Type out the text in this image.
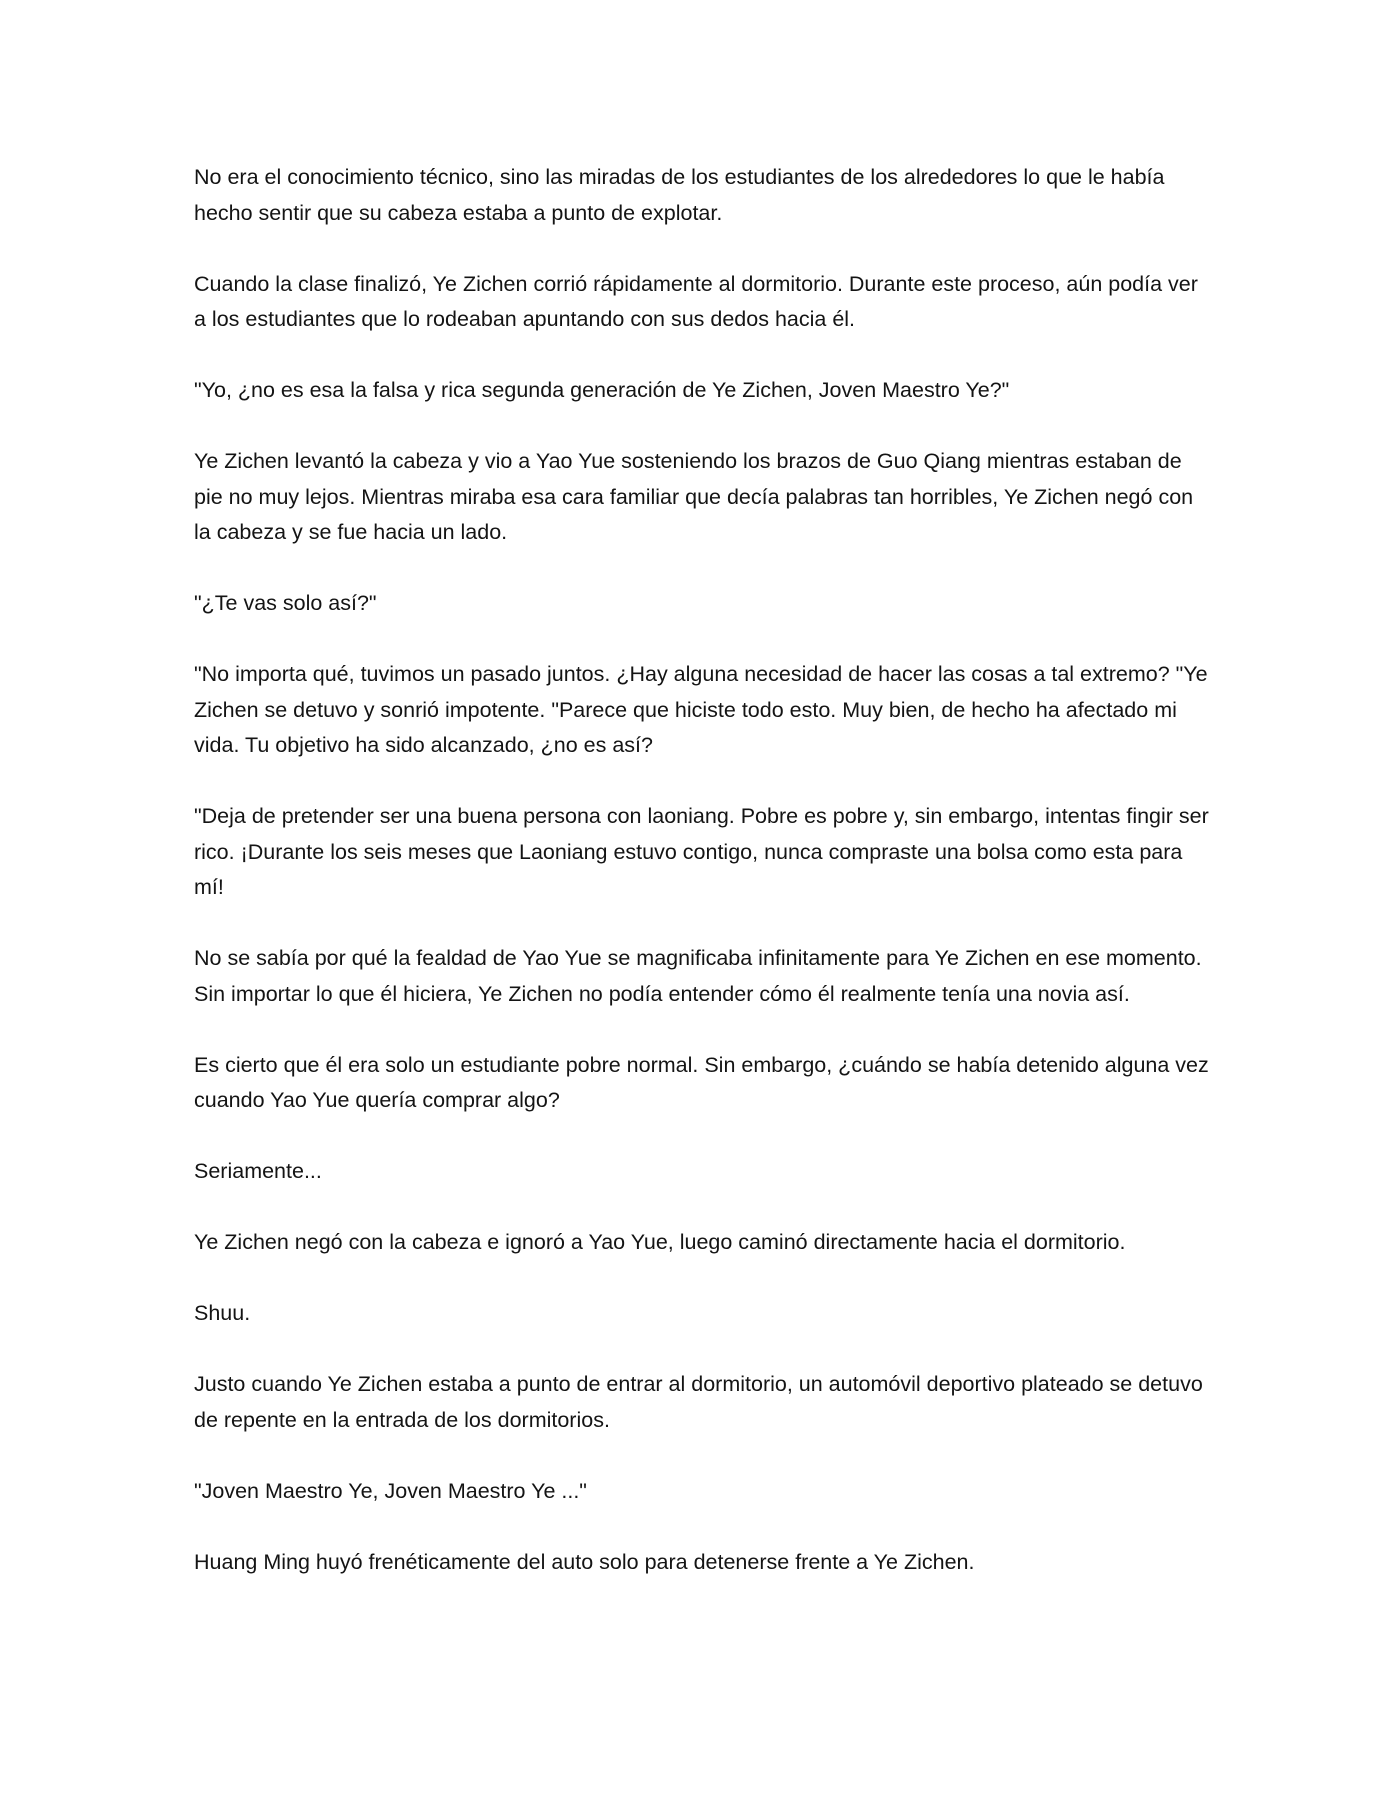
No era el conocimiento técnico, sino las miradas de los estudiantes de los alrededores lo que le había hecho sentir que su cabeza estaba a punto de explotar.

Cuando la clase finalizó, Ye Zichen corrió rápidamente al dormitorio. Durante este proceso, aún podía ver a los estudiantes que lo rodeaban apuntando con sus dedos hacia él.

"Yo, ¿no es esa la falsa y rica segunda generación de Ye Zichen, Joven Maestro Ye?"

Ye Zichen levantó la cabeza y vio a Yao Yue sosteniendo los brazos de Guo Qiang mientras estaban de pie no muy lejos. Mientras miraba esa cara familiar que decía palabras tan horribles, Ye Zichen negó con la cabeza y se fue hacia un lado.

"¿Te vas solo así?"

"No importa qué, tuvimos un pasado juntos. ¿Hay alguna necesidad de hacer las cosas a tal extremo? "Ye Zichen se detuvo y sonrió impotente. "Parece que hiciste todo esto. Muy bien, de hecho ha afectado mi vida. Tu objetivo ha sido alcanzado, ¿no es así?

"Deja de pretender ser una buena persona con laoniang. Pobre es pobre y, sin embargo, intentas fingir ser rico. ¡Durante los seis meses que Laoniang estuvo contigo, nunca compraste una bolsa como esta para mí!

No se sabía por qué la fealdad de Yao Yue se magnificaba infinitamente para Ye Zichen en ese momento. Sin importar lo que él hiciera, Ye Zichen no podía entender cómo él realmente tenía una novia así.

Es cierto que él era solo un estudiante pobre normal. Sin embargo, ¿cuándo se había detenido alguna vez cuando Yao Yue quería comprar algo?

Seriamente...

Ye Zichen negó con la cabeza e ignoró a Yao Yue, luego caminó directamente hacia el dormitorio.

Shuu.

Justo cuando Ye Zichen estaba a punto de entrar al dormitorio, un automóvil deportivo plateado se detuvo de repente en la entrada de los dormitorios.

"Joven Maestro Ye, Joven Maestro Ye ..."

Huang Ming huyó frenéticamente del auto solo para detenerse frente a Ye Zichen.
